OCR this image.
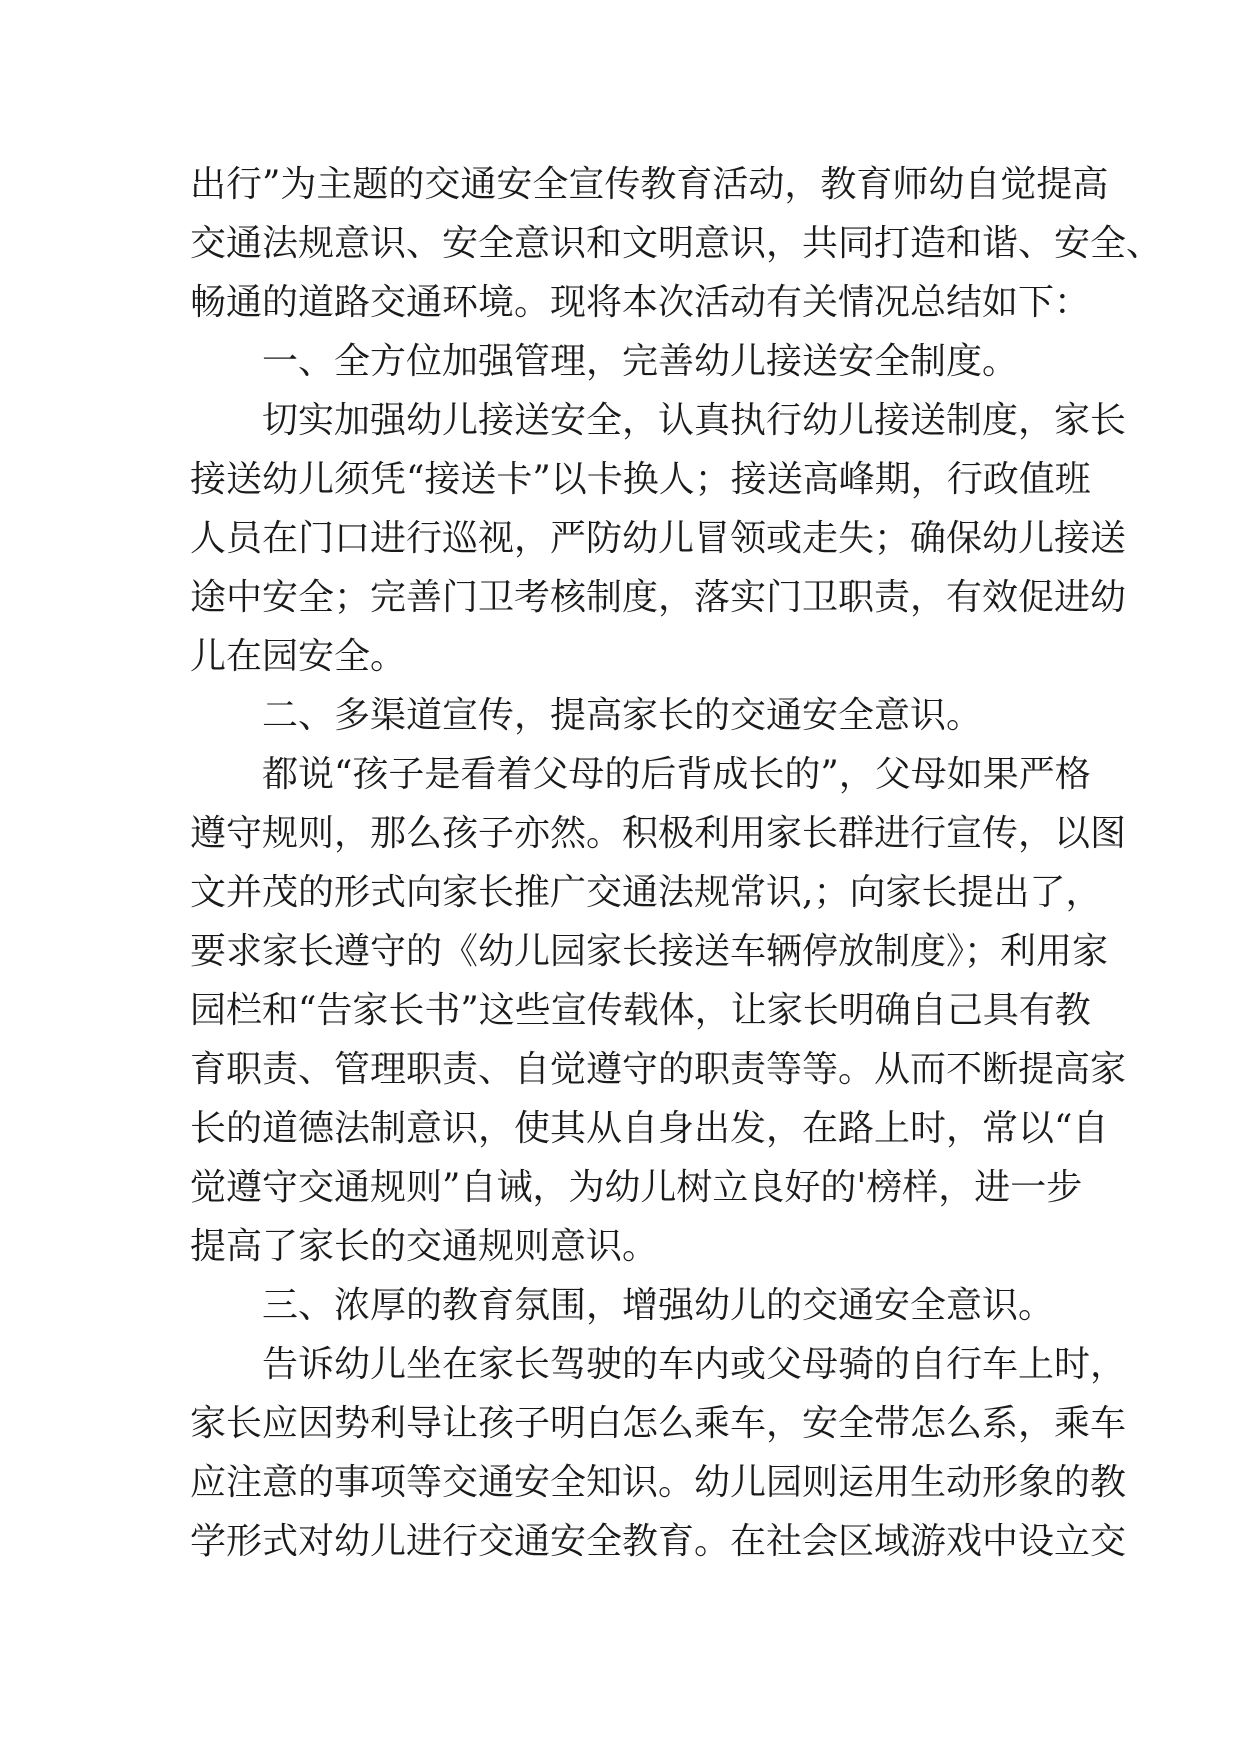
出行”为主题的交通安全宣传教育活动，教育师幼自觉提高
交通法规意识、安全意识和文明意识，共同打造和谐、安全、
畅通的道路交通环境。现将本次活动有关情况总结如下：
一、全方位加强管理，完善幼儿接送安全制度。
切实加强幼儿接送安全，认真执行幼儿接送制度，家长
接送幼儿须凭“接送卡”以卡换人；接送高峰期，行政值班
人员在门口进行巡视，严防幼儿冒领或走失；确保幼儿接送
途中安全；完善门卫考核制度，落实门卫职责，有效促进幼
儿在园安全。
二、多渠道宣传，提高家长的交通安全意识。
都说“孩子是看着父母的后背成长的”，父母如果严格
遵守规则，那么孩子亦然。积极利用家长群进行宣传，以图
文并茂的形式向家长推广交通法规常识,；向家长提出了，
要求家长遵守的《幼儿园家长接送车辆停放制度》；利用家
园栏和“告家长书”这些宣传载体，让家长明确自己具有教
育职责、管理职责、自觉遵守的职责等等。从而不断提高家
长的道德法制意识，使其从自身出发，在路上时，常以“自
觉遵守交通规则”自诫，为幼儿树立良好的'榜样，进一步
提高了家长的交通规则意识。
三、浓厚的教育氛围，增强幼儿的交通安全意识。
告诉幼儿坐在家长驾驶的车内或父母骑的自行车上时，
家长应因势利导让孩子明白怎么乘车，安全带怎么系，乘车
应注意的事项等交通安全知识。幼儿园则运用生动形象的教
学形式对幼儿进行交通安全教育。在社会区域游戏中设立交
